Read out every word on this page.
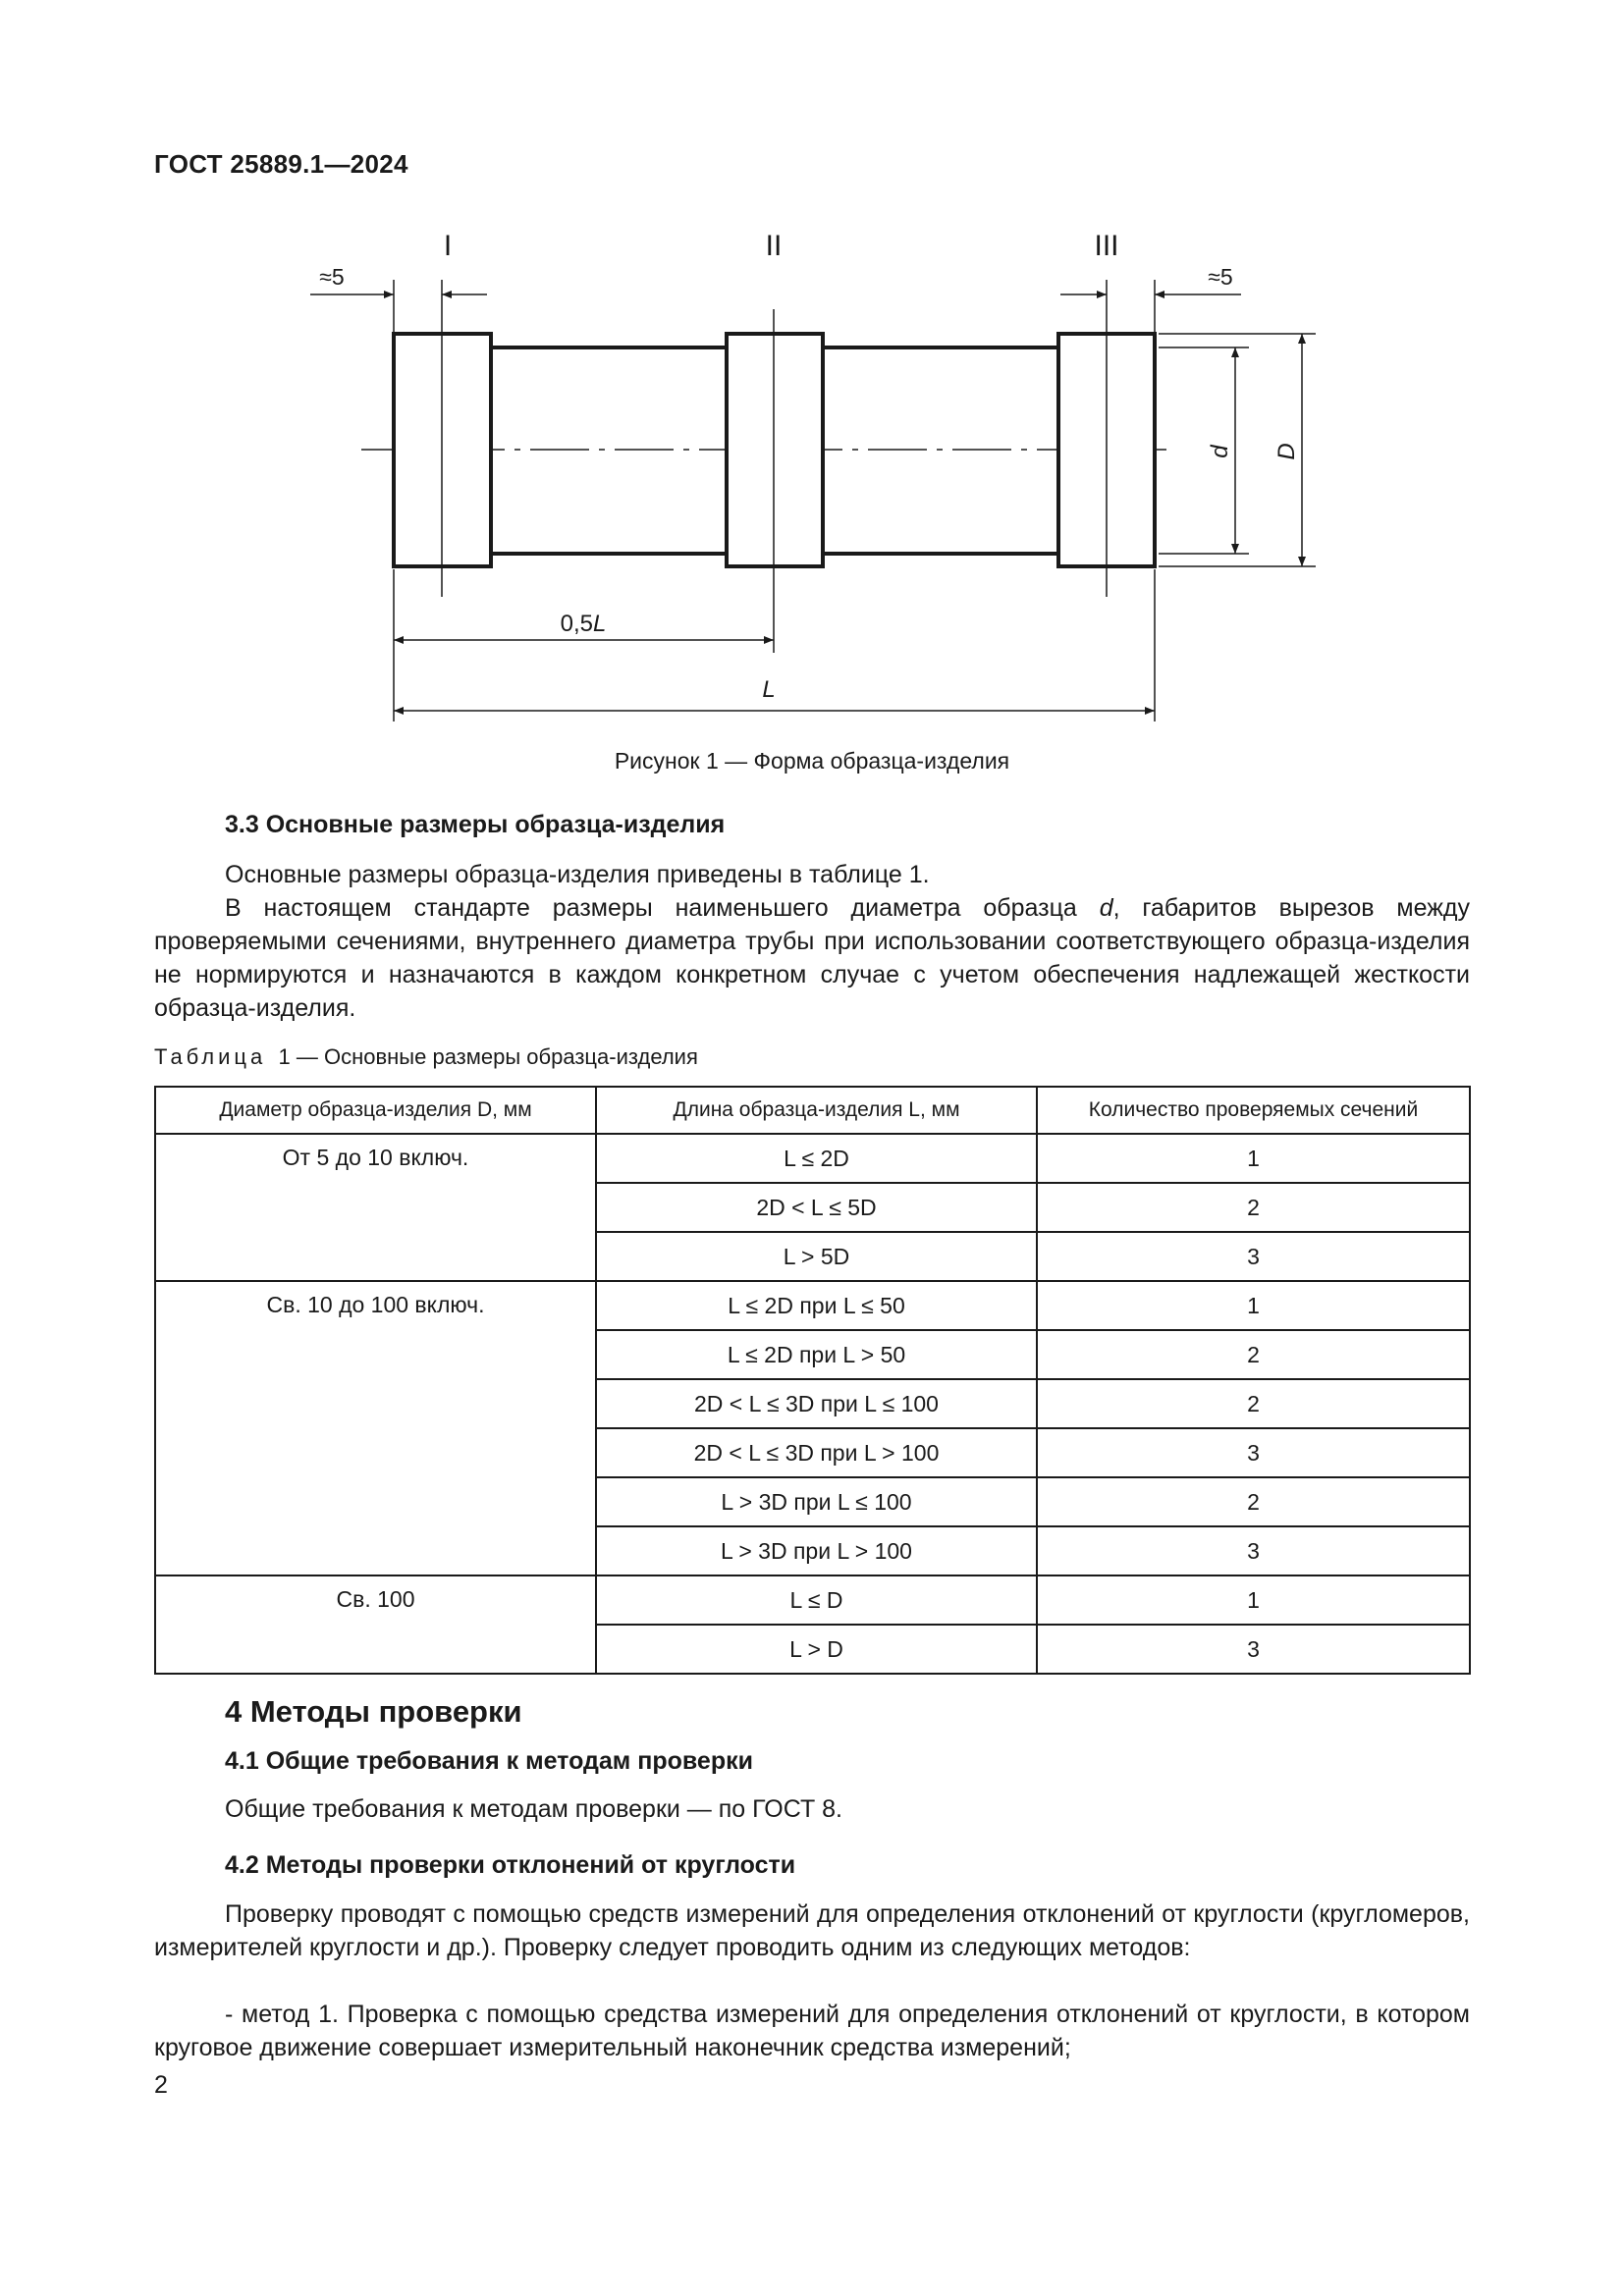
ГОСТ 25889.1—2024
I	II	III
≈5	≈5
d D
0,5L
L
Рисунок 1 — Форма образца-изделия
3.3 Основные размеры образца-изделия
Основные размеры образца-изделия приведены в таблице 1.
В настоящем стандарте размеры наименьшего диаметра образца d, габаритов вырезов между проверяемыми сечениями, внутреннего диаметра трубы при использовании соответствующего образца-изделия не нормируются и назначаются в каждом конкретном случае с учетом обеспечения надлежащей жесткости образца-изделия.
Таблица 1 — Основные размеры образца-изделия
Диаметр образца-изделия D, мм	Длина образца-изделия L, мм	Количество проверяемых сечений
От 5 до 10 включ.	L ≤ 2D	1
	2D < L ≤ 5D	2
	L > 5D	3
Св. 10 до 100 включ.	L ≤ 2D при L ≤ 50	1
	L ≤ 2D при L > 50	2
	2D < L ≤ 3D при L ≤ 100	2
	2D < L ≤ 3D при L > 100	3
	L > 3D при L ≤ 100	2
	L > 3D при L > 100	3
Св. 100	L ≤ D	1
	L > D	3
4 Методы проверки
4.1 Общие требования к методам проверки
Общие требования к методам проверки — по ГОСТ 8.
4.2 Методы проверки отклонений от круглости
Проверку проводят с помощью средств измерений для определения отклонений от круглости (кругломеров, измерителей круглости и др.). Проверку следует проводить одним из следующих методов:
- метод 1. Проверка с помощью средства измерений для определения отклонений от круглости, в котором круговое движение совершает измерительный наконечник средства измерений;
2
